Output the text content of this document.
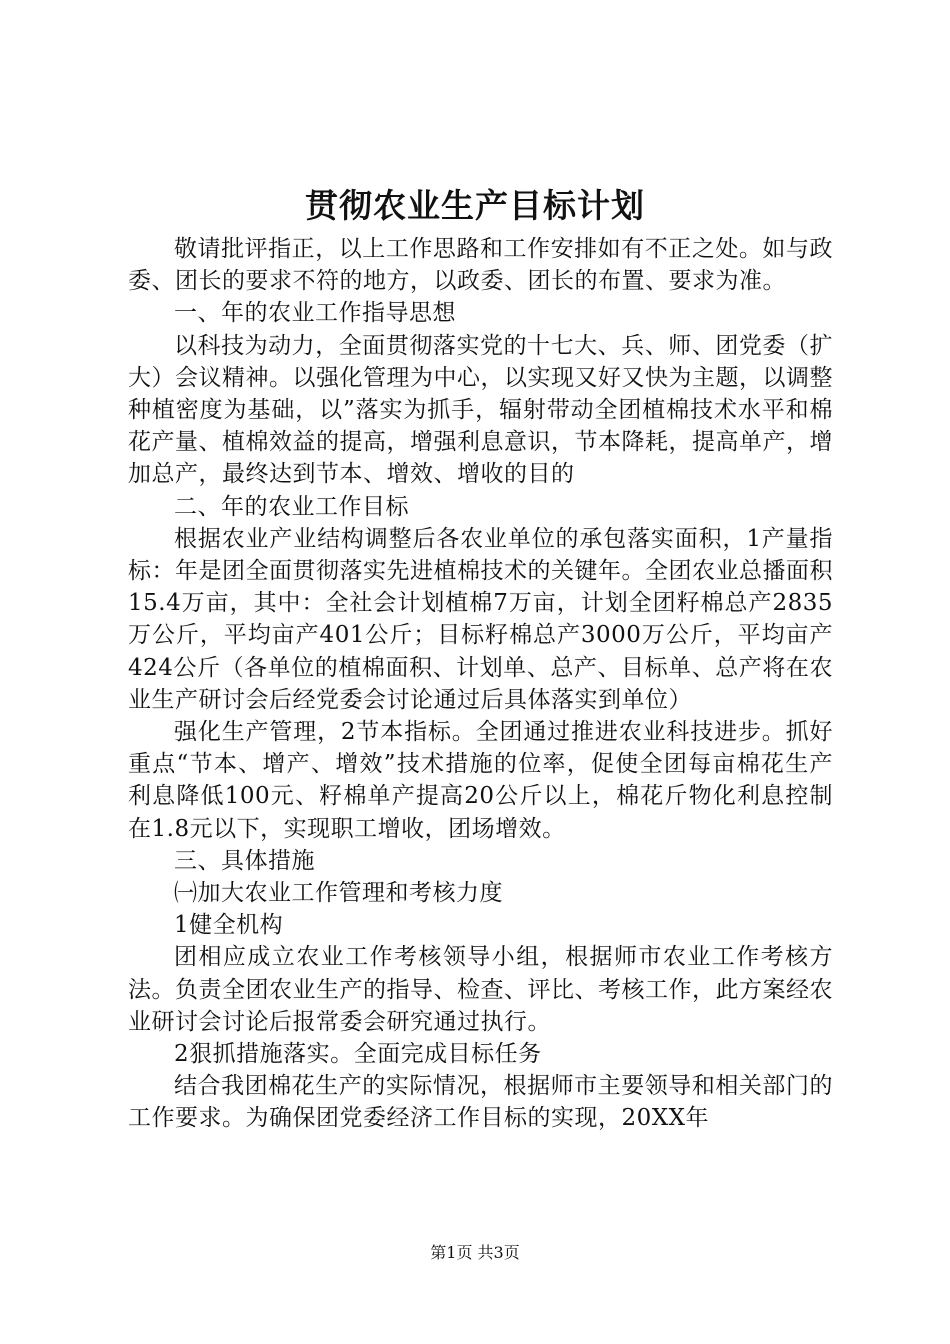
贯彻农业生产目标计划

敬请批评指正，以上工作思路和工作安排如有不正之处。如与政委、团长的要求不符的地方，以政委、团长的布置、要求为准。

一、年的农业工作指导思想

以科技为动力，全面贯彻落实党的十七大、兵、师、团党委（扩大）会议精神。以强化管理为中心，以实现又好又快为主题，以调整种植密度为基础，以”落实为抓手，辐射带动全团植棉技术水平和棉花产量、植棉效益的提高，增强利息意识，节本降耗，提高单产，增加总产，最终达到节本、增效、增收的目的

二、年的农业工作目标

根据农业产业结构调整后各农业单位的承包落实面积，1产量指标：年是团全面贯彻落实先进植棉技术的关键年。全团农业总播面积15.4万亩，其中：全社会计划植棉7万亩，计划全团籽棉总产2835万公斤，平均亩产401公斤；目标籽棉总产3000万公斤，平均亩产424公斤（各单位的植棉面积、计划单、总产、目标单、总产将在农业生产研讨会后经党委会讨论通过后具体落实到单位）

强化生产管理，2节本指标。全团通过推进农业科技进步。抓好重点“节本、增产、增效”技术措施的位率，促使全团每亩棉花生产利息降低100元、籽棉单产提高20公斤以上，棉花斤物化利息控制在1.8元以下，实现职工增收，团场增效。

三、具体措施

㈠加大农业工作管理和考核力度

1健全机构

团相应成立农业工作考核领导小组，根据师市农业工作考核方法。负责全团农业生产的指导、检查、评比、考核工作，此方案经农业研讨会讨论后报常委会研究通过执行。

2狠抓措施落实。全面完成目标任务

结合我团棉花生产的实际情况，根据师市主要领导和相关部门的工作要求。为确保团党委经济工作目标的实现，20XX年

第1页 共3页
